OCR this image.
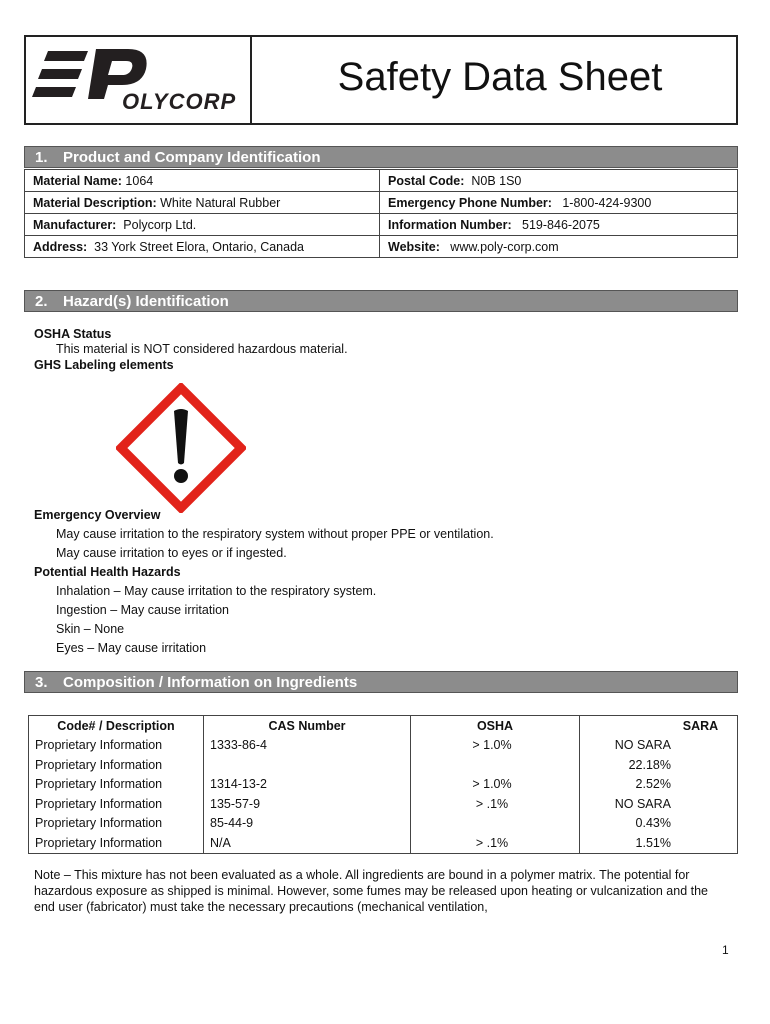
OLYCORP
Safety Data Sheet
1. Product and Company Identification
Material Name: 1064	Postal Code:  N0B 1S0
Material Description: White Natural Rubber	Emergency Phone Number:   1-800-424-9300
Manufacturer:  Polycorp Ltd.	Information Number:   519-846-2075
Address:  33 York Street Elora, Ontario, Canada	Website:   www.poly-corp.com
2. Hazard(s) Identification
OSHA Status
This material is NOT considered hazardous material.
GHS Labeling elements
Emergency Overview
May cause irritation to the respiratory system without proper PPE or ventilation.
May cause irritation to eyes or if ingested.
Potential Health Hazards
Inhalation – May cause irritation to the respiratory system.
Ingestion – May cause irritation
Skin – None
Eyes – May cause irritation
3. Composition / Information on Ingredients
Code# / Description	CAS Number	OSHA	SARA
Proprietary Information	1333-86-4	> 1.0%	NO SARA
Proprietary Information			22.18%
Proprietary Information	1314-13-2	> 1.0%	2.52%
Proprietary Information	135-57-9	> .1%	NO SARA
Proprietary Information	85-44-9		0.43%
Proprietary Information	N/A	> .1%	1.51%
Note – This mixture has not been evaluated as a whole. All ingredients are bound in a polymer matrix. The potential for hazardous exposure as shipped is minimal. However, some fumes may be released upon heating or vulcanization and the end user (fabricator) must take the necessary precautions (mechanical ventilation,
1
